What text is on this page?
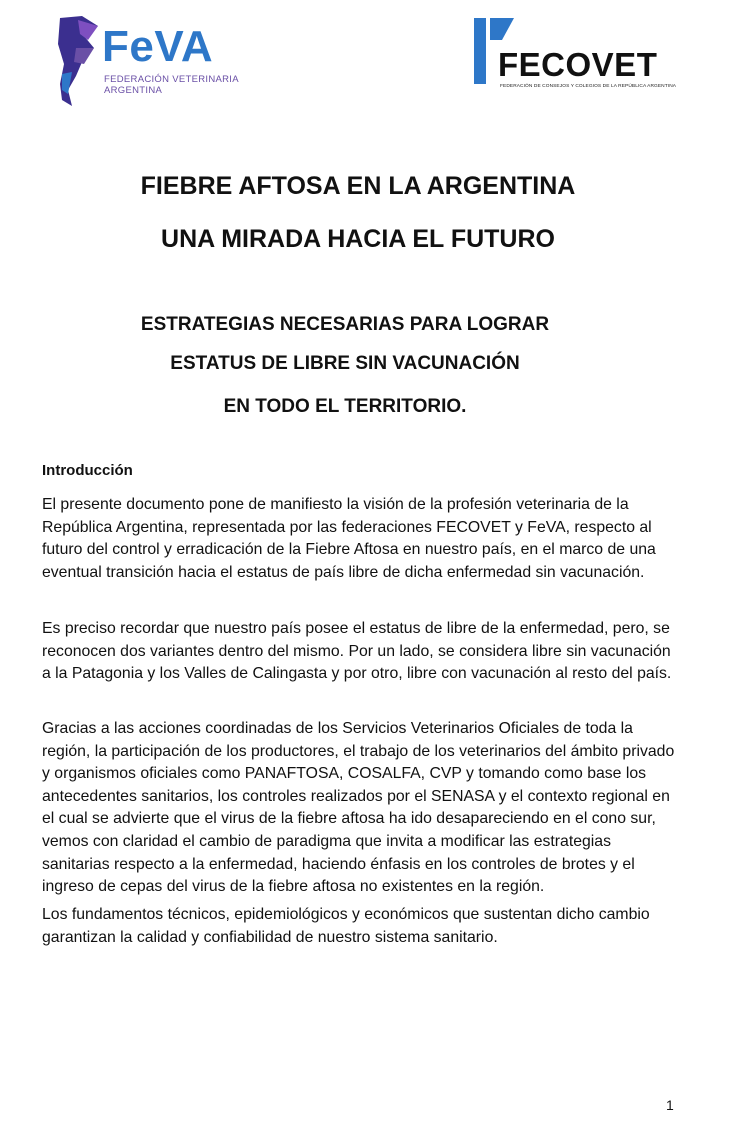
FeVA
FEDERACIÓN VETERINARIA
ARGENTINA
FECOVET
FEDERACIÓN DE CONSEJOS Y COLEGIOS DE LA REPÚBLICA ARGENTINA
FIEBRE AFTOSA EN LA ARGENTINA
UNA MIRADA HACIA EL FUTURO
ESTRATEGIAS NECESARIAS PARA LOGRAR
ESTATUS DE LIBRE SIN VACUNACIÓN
EN TODO EL TERRITORIO.
Introducción

El presente documento pone de manifiesto la visión de la profesión veterinaria de la República Argentina, representada por las federaciones FECOVET y FeVA, respecto al futuro del control y erradicación de la Fiebre Aftosa en nuestro país, en el marco de una eventual transición hacia el estatus de país libre de dicha enfermedad sin vacunación.

Es preciso recordar que nuestro país posee el estatus de libre de la enfermedad, pero, se reconocen dos variantes dentro del mismo. Por un lado, se considera libre sin vacunación a la Patagonia y los Valles de Calingasta y por otro, libre con vacunación al resto del país.

Gracias a las acciones coordinadas de los Servicios Veterinarios Oficiales de toda la región, la participación de los productores, el trabajo de los veterinarios del ámbito privado y organismos oficiales como PANAFTOSA, COSALFA, CVP y tomando como base los antecedentes sanitarios, los controles realizados por el SENASA y el contexto regional en el cual se advierte que el virus de la fiebre aftosa ha ido desapareciendo en el cono sur, vemos con claridad el cambio de paradigma que invita a modificar las estrategias sanitarias respecto a la enfermedad, haciendo énfasis en los controles de brotes y el ingreso de cepas del virus de la fiebre aftosa no existentes en la región.

Los fundamentos técnicos, epidemiológicos y económicos que sustentan dicho cambio garantizan la calidad y confiabilidad de nuestro sistema sanitario.

1
